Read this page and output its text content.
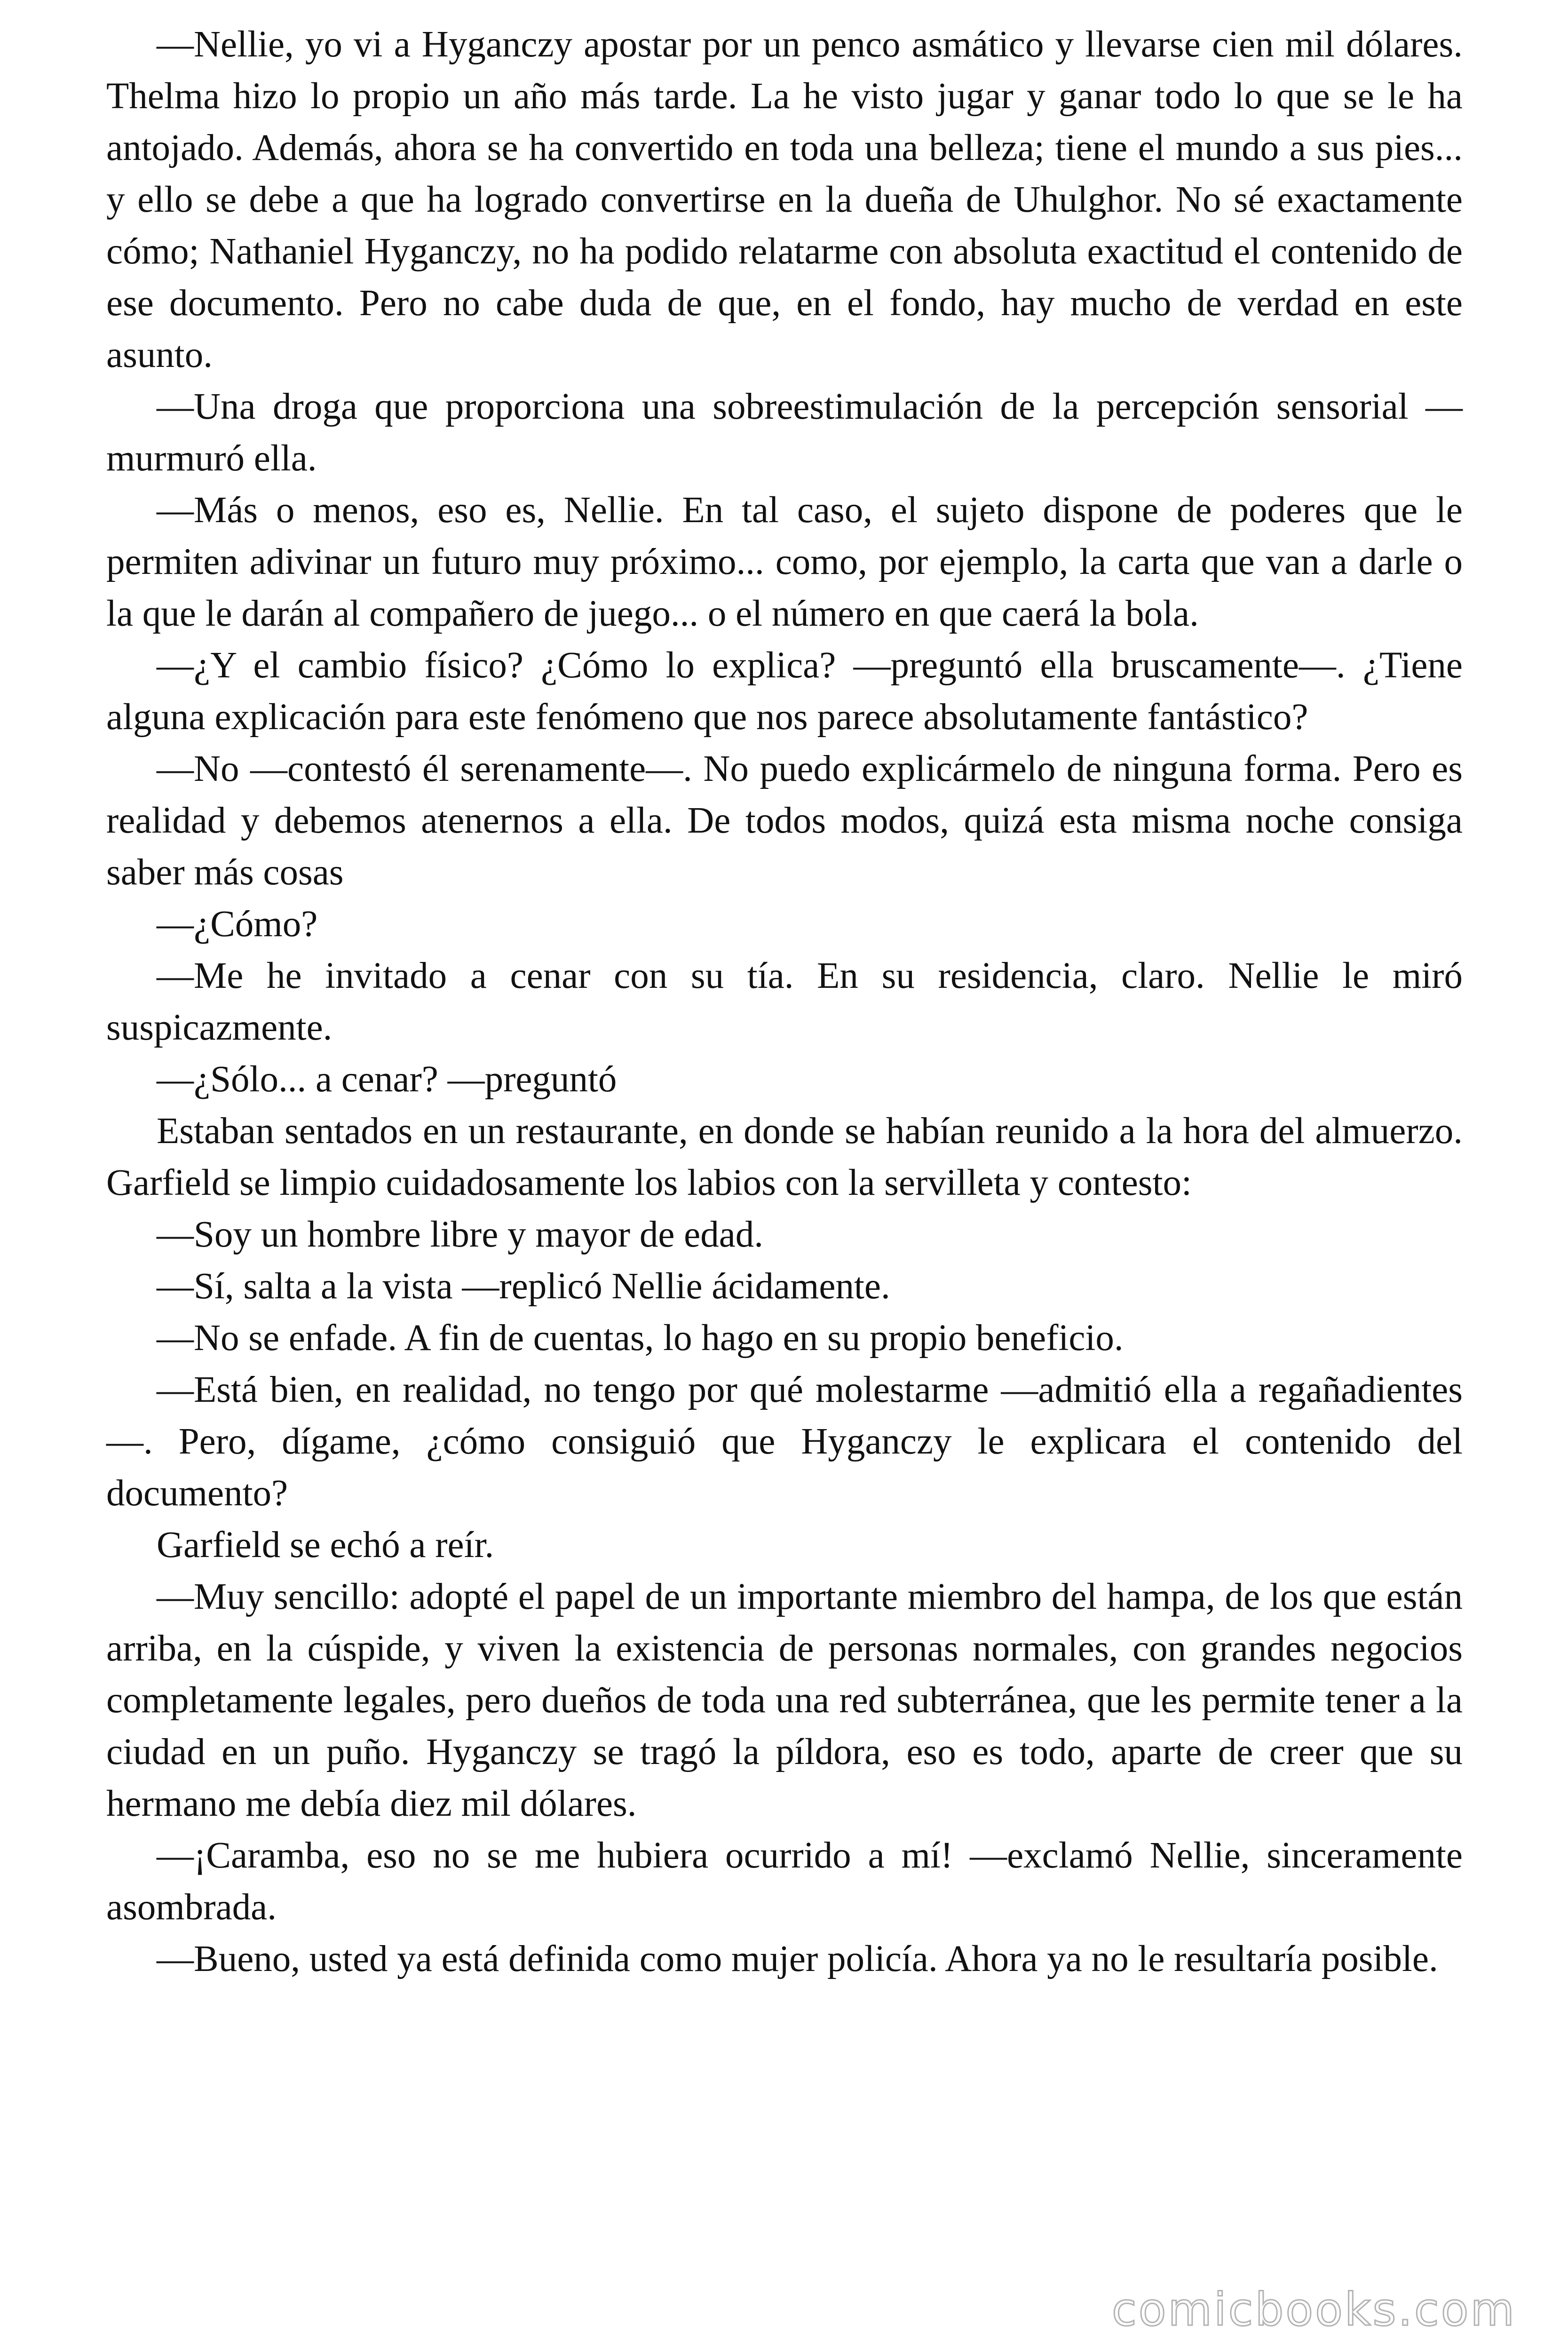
—Nellie, yo vi a Hyganczy apostar por un penco asmático y llevarse cien mil dólares. Thelma hizo lo propio un año más tarde. La he visto jugar y ganar todo lo que se le ha antojado. Además, ahora se ha convertido en toda una belleza; tiene el mundo a sus pies... y ello se debe a que ha logrado convertirse en la dueña de Uhulghor. No sé exactamente cómo; Nathaniel Hyganczy, no ha podido relatarme con absoluta exactitud el contenido de ese documento. Pero no cabe duda de que, en el fondo, hay mucho de verdad en este asunto.

—Una droga que proporciona una sobreestimulación de la percepción sensorial — murmuró ella.

—Más o menos, eso es, Nellie. En tal caso, el sujeto dispone de poderes que le permiten adivinar un futuro muy próximo... como, por ejemplo, la carta que van a darle o la que le darán al compañero de juego... o el número en que caerá la bola.

—¿Y el cambio físico? ¿Cómo lo explica? —preguntó ella bruscamente—. ¿Tiene alguna explicación para este fenómeno que nos parece absolutamente fantástico?

—No —contestó él serenamente—. No puedo explicármelo de ninguna forma. Pero es realidad y debemos atenernos a ella. De todos modos, quizá esta misma noche consiga saber más cosas

—¿Cómo?

—Me he invitado a cenar con su tía. En su residencia, claro. Nellie le miró suspicazmente.

—¿Sólo... a cenar? —preguntó

Estaban sentados en un restaurante, en donde se habían reunido a la hora del almuerzo. Garfield se limpio cuidadosamente los labios con la servilleta y contesto:

—Soy un hombre libre y mayor de edad.

—Sí, salta a la vista —replicó Nellie ácidamente.

—No se enfade. A fin de cuentas, lo hago en su propio beneficio.

—Está bien, en realidad, no tengo por qué molestarme —admitió ella a regañadientes—. Pero, dígame, ¿cómo consiguió que Hyganczy le explicara el contenido del documento?

Garfield se echó a reír.

—Muy sencillo: adopté el papel de un importante miembro del hampa, de los que están arriba, en la cúspide, y viven la existencia de personas normales, con grandes negocios completamente legales, pero dueños de toda una red subterránea, que les permite tener a la ciudad en un puño. Hyganczy se tragó la píldora, eso es todo, aparte de creer que su hermano me debía diez mil dólares.

—¡Caramba, eso no se me hubiera ocurrido a mí! —exclamó Nellie, sinceramente asombrada.

—Bueno, usted ya está definida como mujer policía. Ahora ya no le resultaría posible.

comicbooks.com
